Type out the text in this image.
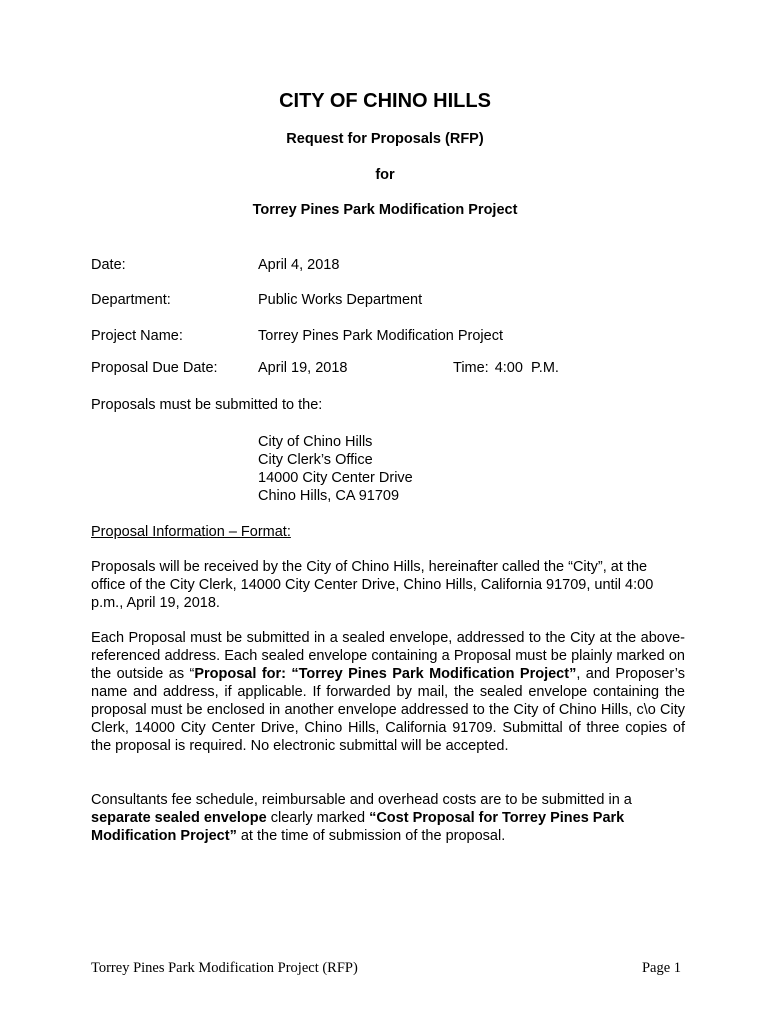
CITY OF CHINO HILLS
Request for Proposals (RFP)
for
Torrey Pines Park Modification Project
Date:	April 4, 2018
Department:	Public Works Department
Project Name:	Torrey Pines Park Modification Project
Proposal Due Date:	April 19, 2018	Time: 4:00  P.M.

Proposals must be submitted to the:

City of Chino Hills
City Clerk’s Office
14000 City Center Drive
Chino Hills, CA 91709

Proposal Information – Format:

Proposals will be received by the City of Chino Hills, hereinafter called the “City”, at the office of the City Clerk, 14000 City Center Drive, Chino Hills, California 91709, until 4:00 p.m., April 19, 2018.

Each Proposal must be submitted in a sealed envelope, addressed to the City at the above-referenced address. Each sealed envelope containing a Proposal must be plainly marked on the outside as “Proposal for: “Torrey Pines Park Modification Project”, and Proposer’s name and address, if applicable. If forwarded by mail, the sealed envelope containing the proposal must be enclosed in another envelope addressed to the City of Chino Hills, c\o City Clerk, 14000 City Center Drive, Chino Hills, California 91709. Submittal of three copies of the proposal is required. No electronic submittal will be accepted.

Consultants fee schedule, reimbursable and overhead costs are to be submitted in a separate sealed envelope clearly marked “Cost Proposal for Torrey Pines Park Modification Project” at the time of submission of the proposal.

Torrey Pines Park Modification Project (RFP)	Page 1
